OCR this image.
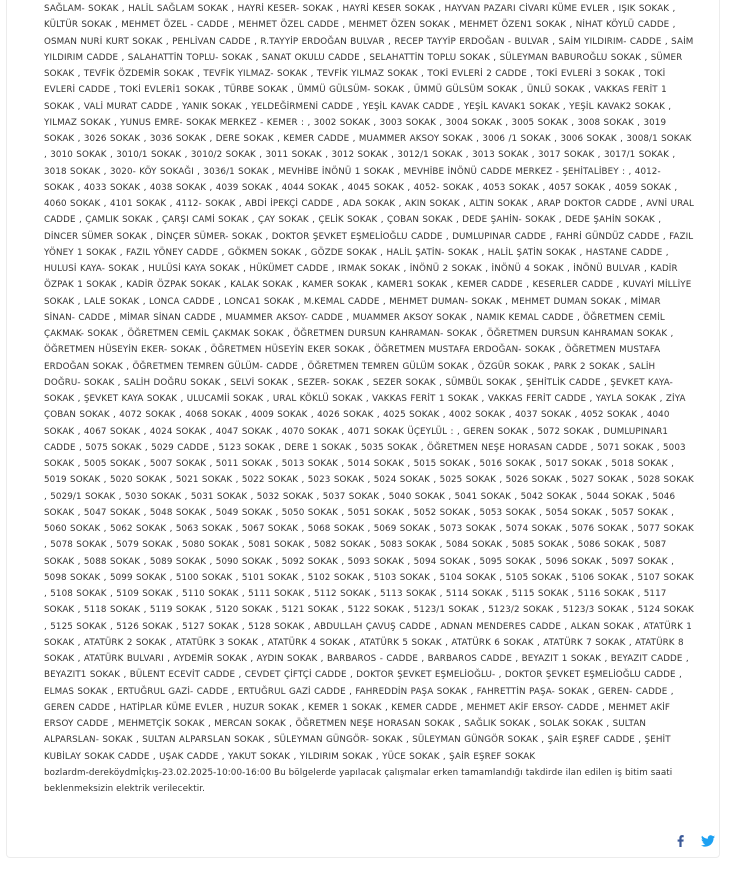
SAĞLAM- SOKAK , HALİL SAĞLAM SOKAK , HAYRİ KESER- SOKAK , HAYRİ KESER SOKAK , HAYVAN PAZARI CİVARI KÜME EVLER , IŞIK SOKAK , KÜLTÜR SOKAK , MEHMET ÖZEL - CADDE , MEHMET ÖZEL CADDE , MEHMET ÖZEN SOKAK , MEHMET ÖZEN1 SOKAK , NİHAT KÖYLÜ CADDE , OSMAN NURİ KURT SOKAK , PEHLİVAN CADDE , R.TAYYİP ERDOĞAN BULVAR , RECEP TAYYİP ERDOĞAN - BULVAR , SAİM YILDIRIM- CADDE , SAİM YILDIRIM CADDE , SALAHATTİN TOPLU- SOKAK , SANAT OKULU CADDE , SELAHATTİN TOPLU SOKAK , SÜLEYMAN BABUROĞLU SOKAK , SÜMER SOKAK , TEVFİK ÖZDEMİR SOKAK , TEVFİK YILMAZ- SOKAK , TEVFİK YILMAZ SOKAK , TOKİ EVLERİ 2 CADDE , TOKİ EVLERİ 3 SOKAK , TOKİ EVLERİ CADDE , TOKİ EVLERİ1 SOKAK , TÜRBE SOKAK , ÜMMÜ GÜLSÜM- SOKAK , ÜMMÜ GÜLSÜM SOKAK , ÜNLÜ SOKAK , VAKKAS FERİT 1 SOKAK , VALİ MURAT CADDE , YANIK SOKAK , YELDEĞİRMENİ CADDE , YEŞİL KAVAK CADDE , YEŞİL KAVAK1 SOKAK , YEŞİL KAVAK2 SOKAK , YILMAZ SOKAK , YUNUS EMRE- SOKAK MERKEZ - KEMER : , 3002 SOKAK , 3003 SOKAK , 3004 SOKAK , 3005 SOKAK , 3008 SOKAK , 3019 SOKAK , 3026 SOKAK , 3036 SOKAK , DERE SOKAK , KEMER CADDE , MUAMMER AKSOY SOKAK , 3006 /1 SOKAK , 3006 SOKAK , 3008/1 SOKAK , 3010 SOKAK , 3010/1 SOKAK , 3010/2 SOKAK , 3011 SOKAK , 3012 SOKAK , 3012/1 SOKAK , 3013 SOKAK , 3017 SOKAK , 3017/1 SOKAK , 3018 SOKAK , 3020- KÖY SOKAĞI , 3036/1 SOKAK , MEVHİBE İNÖNÜ 1 SOKAK , MEVHİBE İNÖNÜ CADDE MERKEZ - ŞEHİTALİBEY : , 4012- SOKAK , 4033 SOKAK , 4038 SOKAK , 4039 SOKAK , 4044 SOKAK , 4045 SOKAK , 4052- SOKAK , 4053 SOKAK , 4057 SOKAK , 4059 SOKAK , 4060 SOKAK , 4101 SOKAK , 4112- SOKAK , ABDİ İPEKÇİ CADDE , ADA SOKAK , AKIN SOKAK , ALTIN SOKAK , ARAP DOKTOR CADDE , AVNİ URAL CADDE , ÇAMLIK SOKAK , ÇARŞI CAMİ SOKAK , ÇAY SOKAK , ÇELİK SOKAK , ÇOBAN SOKAK , DEDE ŞAHİN- SOKAK , DEDE ŞAHİN SOKAK , DİNCER SÜMER SOKAK , DİNÇER SÜMER- SOKAK , DOKTOR ŞEVKET EŞMELİOĞLU CADDE , DUMLUPINAR CADDE , FAHRİ GÜNDÜZ CADDE , FAZIL YÖNEY 1 SOKAK , FAZIL YÖNEY CADDE , GÖKMEN SOKAK , GÖZDE SOKAK , HALİL ŞATİN- SOKAK , HALİL ŞATİN SOKAK , HASTANE CADDE , HULUSİ KAYA- SOKAK , HULÜSİ KAYA SOKAK , HÜKÜMET CADDE , IRMAK SOKAK , İNÖNÜ 2 SOKAK , İNÖNÜ 4 SOKAK , İNÖNÜ BULVAR , KADİR ÖZPAK 1 SOKAK , KADİR ÖZPAK SOKAK , KALAK SOKAK , KAMER SOKAK , KAMER1 SOKAK , KEMER CADDE , KESERLER CADDE , KUVAYİ MİLLİYE SOKAK , LALE SOKAK , LONCA CADDE , LONCA1 SOKAK , M.KEMAL CADDE , MEHMET DUMAN- SOKAK , MEHMET DUMAN SOKAK , MİMAR SİNAN- CADDE , MİMAR SİNAN CADDE , MUAMMER AKSOY- CADDE , MUAMMER AKSOY SOKAK , NAMIK KEMAL CADDE , ÖĞRETMEN CEMİL ÇAKMAK- SOKAK , ÖĞRETMEN CEMİL ÇAKMAK SOKAK , ÖĞRETMEN DURSUN KAHRAMAN- SOKAK , ÖĞRETMEN DURSUN KAHRAMAN SOKAK , ÖĞRETMEN HÜSEYİN EKER- SOKAK , ÖĞRETMEN HÜSEYİN EKER SOKAK , ÖĞRETMEN MUSTAFA ERDOĞAN- SOKAK , ÖĞRETMEN MUSTAFA ERDOĞAN SOKAK , ÖĞRETMEN TEMREN GÜLÜM- CADDE , ÖĞRETMEN TEMREN GÜLÜM SOKAK , ÖZGÜR SOKAK , PARK 2 SOKAK , SALİH DOĞRU- SOKAK , SALİH DOĞRU SOKAK , SELVİ SOKAK , SEZER- SOKAK , SEZER SOKAK , SÜMBÜL SOKAK , ŞEHİTLİK CADDE , ŞEVKET KAYA- SOKAK , ŞEVKET KAYA SOKAK , ULUCAMİİ SOKAK , URAL KÖKLÜ SOKAK , VAKKAS FERİT 1 SOKAK , VAKKAS FERİT CADDE , YAYLA SOKAK , ZİYA ÇOBAN SOKAK , 4072 SOKAK , 4068 SOKAK , 4009 SOKAK , 4026 SOKAK , 4025 SOKAK , 4002 SOKAK , 4037 SOKAK , 4052 SOKAK , 4040 SOKAK , 4067 SOKAK , 4024 SOKAK , 4047 SOKAK , 4070 SOKAK , 4071 SOKAK ÜÇEYLÜL : , GEREN SOKAK , 5072 SOKAK , DUMLUPINAR1 CADDE , 5075 SOKAK , 5029 CADDE , 5123 SOKAK , DERE 1 SOKAK , 5035 SOKAK , ÖĞRETMEN NEŞE HORASAN CADDE , 5071 SOKAK , 5003 SOKAK , 5005 SOKAK , 5007 SOKAK , 5011 SOKAK , 5013 SOKAK , 5014 SOKAK , 5015 SOKAK , 5016 SOKAK , 5017 SOKAK , 5018 SOKAK , 5019 SOKAK , 5020 SOKAK , 5021 SOKAK , 5022 SOKAK , 5023 SOKAK , 5024 SOKAK , 5025 SOKAK , 5026 SOKAK , 5027 SOKAK , 5028 SOKAK , 5029/1 SOKAK , 5030 SOKAK , 5031 SOKAK , 5032 SOKAK , 5037 SOKAK , 5040 SOKAK , 5041 SOKAK , 5042 SOKAK , 5044 SOKAK , 5046 SOKAK , 5047 SOKAK , 5048 SOKAK , 5049 SOKAK , 5050 SOKAK , 5051 SOKAK , 5052 SOKAK , 5053 SOKAK , 5054 SOKAK , 5057 SOKAK , 5060 SOKAK , 5062 SOKAK , 5063 SOKAK , 5067 SOKAK , 5068 SOKAK , 5069 SOKAK , 5073 SOKAK , 5074 SOKAK , 5076 SOKAK , 5077 SOKAK , 5078 SOKAK , 5079 SOKAK , 5080 SOKAK , 5081 SOKAK , 5082 SOKAK , 5083 SOKAK , 5084 SOKAK , 5085 SOKAK , 5086 SOKAK , 5087 SOKAK , 5088 SOKAK , 5089 SOKAK , 5090 SOKAK , 5092 SOKAK , 5093 SOKAK , 5094 SOKAK , 5095 SOKAK , 5096 SOKAK , 5097 SOKAK , 5098 SOKAK , 5099 SOKAK , 5100 SOKAK , 5101 SOKAK , 5102 SOKAK , 5103 SOKAK , 5104 SOKAK , 5105 SOKAK , 5106 SOKAK , 5107 SOKAK , 5108 SOKAK , 5109 SOKAK , 5110 SOKAK , 5111 SOKAK , 5112 SOKAK , 5113 SOKAK , 5114 SOKAK , 5115 SOKAK , 5116 SOKAK , 5117 SOKAK , 5118 SOKAK , 5119 SOKAK , 5120 SOKAK , 5121 SOKAK , 5122 SOKAK , 5123/1 SOKAK , 5123/2 SOKAK , 5123/3 SOKAK , 5124 SOKAK , 5125 SOKAK , 5126 SOKAK , 5127 SOKAK , 5128 SOKAK , ABDULLAH ÇAVUŞ CADDE , ADNAN MENDERES CADDE , ALKAN SOKAK , ATATÜRK 1 SOKAK , ATATÜRK 2 SOKAK , ATATÜRK 3 SOKAK , ATATÜRK 4 SOKAK , ATATÜRK 5 SOKAK , ATATÜRK 6 SOKAK , ATATÜRK 7 SOKAK , ATATÜRK 8 SOKAK , ATATÜRK BULVARI , AYDEMİR SOKAK , AYDIN SOKAK , BARBAROS - CADDE , BARBAROS CADDE , BEYAZIT 1 SOKAK , BEYAZIT CADDE , BEYAZIT1 SOKAK , BÜLENT ECEVİT CADDE , CEVDET ÇİFTÇİ CADDE , DOKTOR ŞEVKET EŞMELİOĞLU- , DOKTOR ŞEVKET EŞMELİOĞLU CADDE , ELMAS SOKAK , ERTUĞRUL GAZİ- CADDE , ERTUĞRUL GAZİ CADDE , FAHREDDİN PAŞA SOKAK , FAHRETTİN PAŞA- SOKAK , GEREN- CADDE , GEREN CADDE , HATİPLAR KÜME EVLER , HUZUR SOKAK , KEMER 1 SOKAK , KEMER CADDE , MEHMET AKİF ERSOY- CADDE , MEHMET AKİF ERSOY CADDE , MEHMETÇİK SOKAK , MERCAN SOKAK , ÖĞRETMEN NEŞE HORASAN SOKAK , SAĞLIK SOKAK , SOLAK SOKAK , SULTAN ALPARSLAN- SOKAK , SULTAN ALPARSLAN SOKAK , SÜLEYMAN GÜNGÖR- SOKAK , SÜLEYMAN GÜNGÖR SOKAK , ŞAİR EŞREF CADDE , ŞEHİT KUBİLAY SOKAK CADDE , UŞAK CADDE , YAKUT SOKAK , YILDIRIM SOKAK , YÜCE SOKAK , ŞAİR EŞREF SOKAK

bozlardm-dereköydmİçkış-23.02.2025-10:00-16:00 Bu bölgelerde yapılacak çalışmalar erken tamamlandığı takdirde ilan edilen iş bitim saati beklenmeksizin elektrik verilecektir.
